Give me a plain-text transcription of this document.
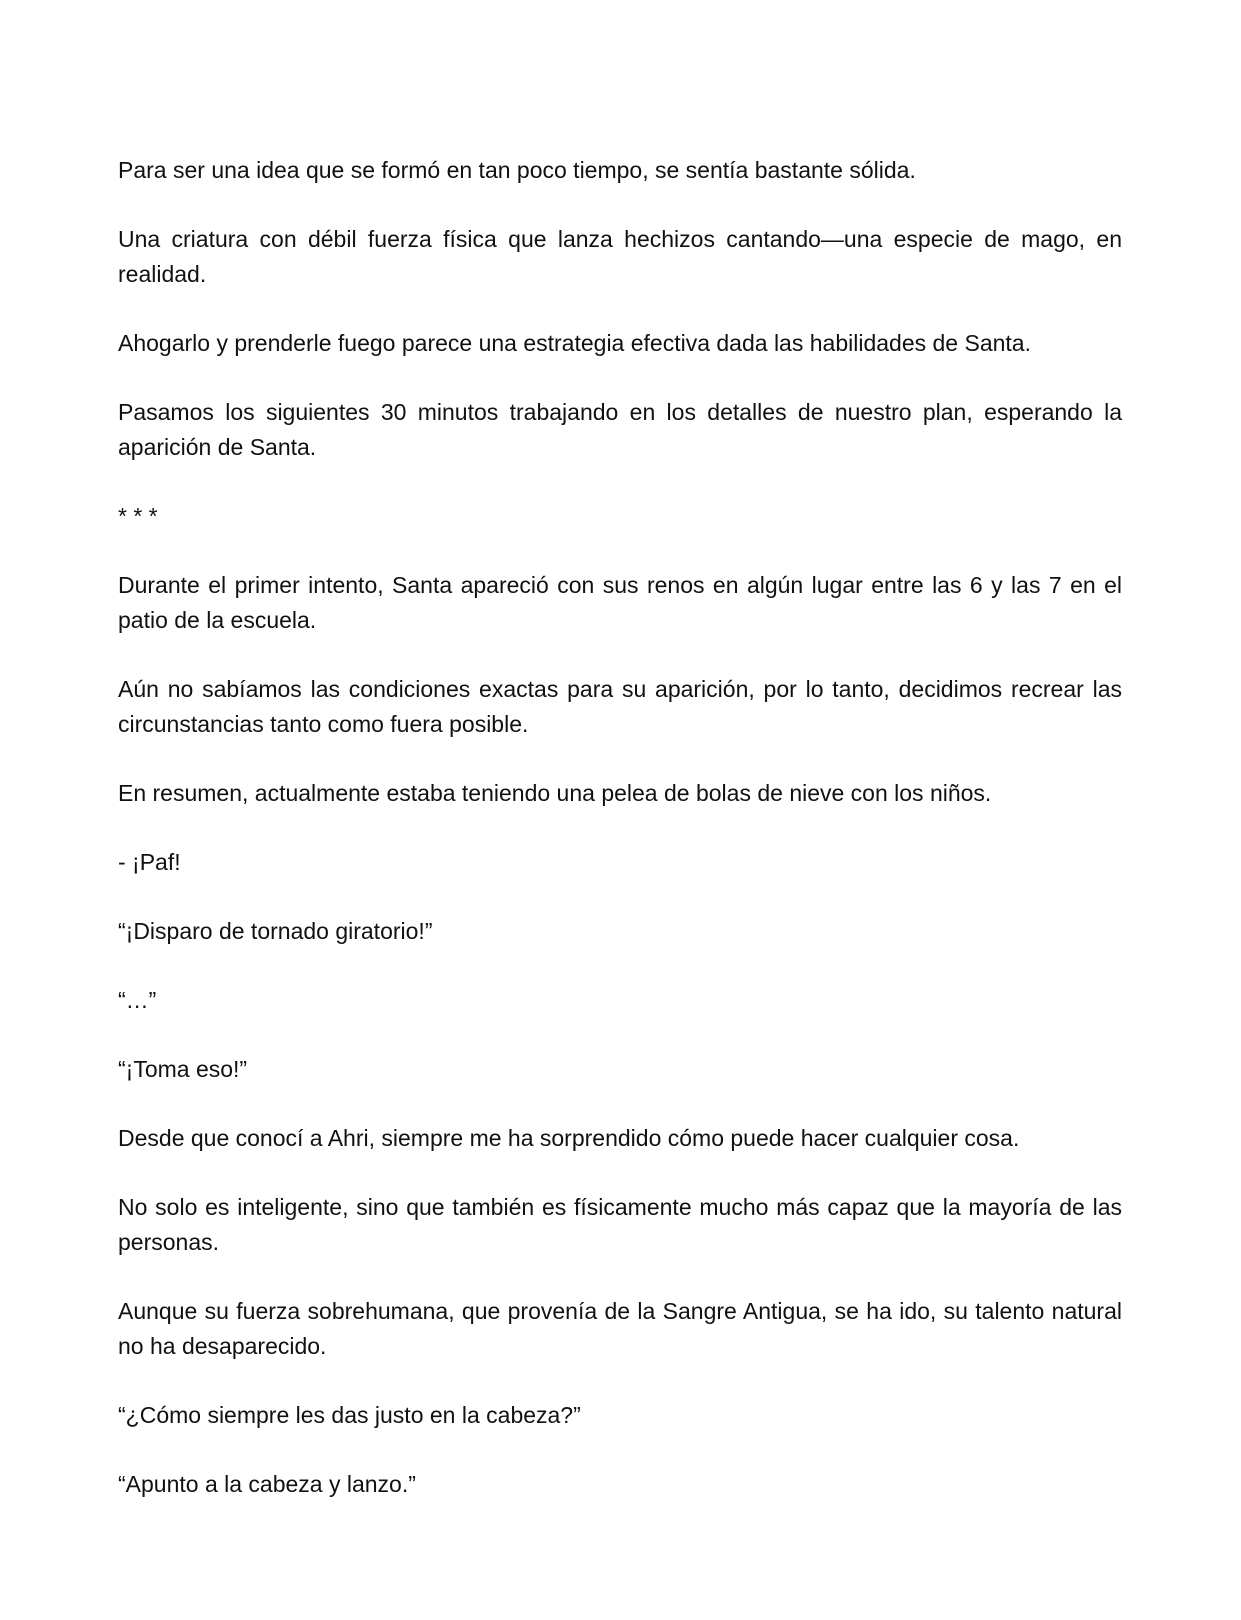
Para ser una idea que se formó en tan poco tiempo, se sentía bastante sólida.

Una criatura con débil fuerza física que lanza hechizos cantando—una especie de mago, en realidad.

Ahogarlo y prenderle fuego parece una estrategia efectiva dada las habilidades de Santa.

Pasamos los siguientes 30 minutos trabajando en los detalles de nuestro plan, esperando la aparición de Santa.

* * *

Durante el primer intento, Santa apareció con sus renos en algún lugar entre las 6 y las 7 en el patio de la escuela.

Aún no sabíamos las condiciones exactas para su aparición, por lo tanto, decidimos recrear las circunstancias tanto como fuera posible.

En resumen, actualmente estaba teniendo una pelea de bolas de nieve con los niños.

- ¡Paf!

“¡Disparo de tornado giratorio!”

“…”

“¡Toma eso!”

Desde que conocí a Ahri, siempre me ha sorprendido cómo puede hacer cualquier cosa.

No solo es inteligente, sino que también es físicamente mucho más capaz que la mayoría de las personas.

Aunque su fuerza sobrehumana, que provenía de la Sangre Antigua, se ha ido, su talento natural no ha desaparecido.

“¿Cómo siempre les das justo en la cabeza?”

“Apunto a la cabeza y lanzo.”
